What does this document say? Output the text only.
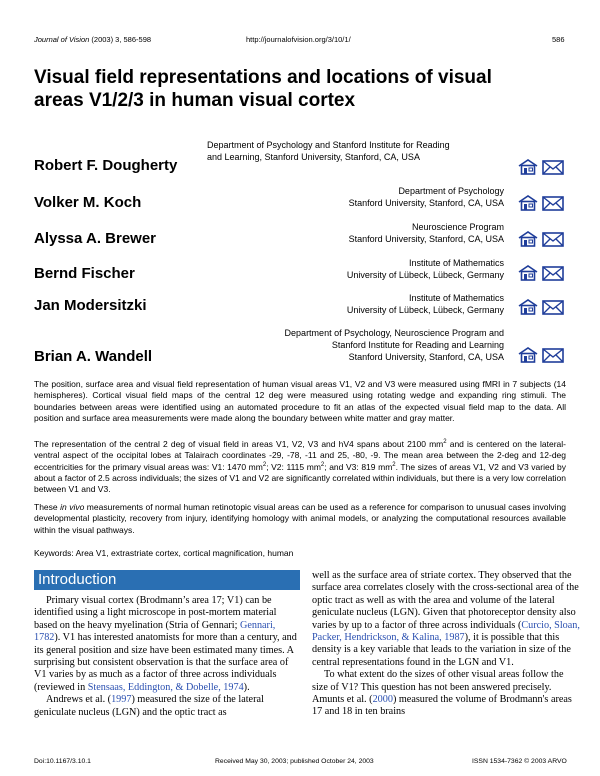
Journal of Vision (2003) 3, 586-598	http://journalofvision.org/3/10/1/	586
Visual field representations and locations of visual areas V1/2/3 in human visual cortex
Department of Psychology and Stanford Institute for Reading
and Learning, Stanford University, Stanford, CA, USA
Robert F. Dougherty
Department of Psychology
Stanford University, Stanford, CA, USA
Volker M. Koch
Neuroscience Program
Stanford University, Stanford, CA, USA
Alyssa A. Brewer
Institute of Mathematics
University of Lübeck, Lübeck, Germany
Bernd Fischer
Institute of Mathematics
University of Lübeck, Lübeck, Germany
Jan Modersitzki
Department of Psychology, Neuroscience Program and
Stanford Institute for Reading and Learning
Stanford University, Stanford, CA, USA
Brian A. Wandell
The position, surface area and visual field representation of human visual areas V1, V2 and V3 were measured using fMRI in 7 subjects (14 hemispheres). Cortical visual field maps of the central 12 deg were measured using rotating wedge and expanding ring stimuli. The boundaries between areas were identified using an automated procedure to fit an atlas of the expected visual field map to the data. All position and surface area measurements were made along the boundary between white matter and gray matter.
The representation of the central 2 deg of visual field in areas V1, V2, V3 and hV4 spans about 2100 $mm^2$ and is centered on the lateral-ventral aspect of the occipital lobes at Talairach coordinates -29, -78, -11 and 25, -80, -9. The mean area between the 2-deg and 12-deg eccentricities for the primary visual areas was: V1: 1470 $mm^2$; V2: 1115 $mm^2$; and V3: 819 $mm^2$. The sizes of areas V1, V2 and V3 varied by about a factor of 2.5 across individuals; the sizes of V1 and V2 are significantly correlated within individuals, but there is a very low correlation between V1 and V3.
These in vivo measurements of normal human retinotopic visual areas can be used as a reference for comparison to unusual cases involving developmental plasticity, recovery from injury, identifying homology with animal models, or analyzing the computational resources available within the visual pathways.
Keywords: Area V1, extrastriate cortex, cortical magnification, human
Introduction

Primary visual cortex (Brodmann’s area 17; V1) can be identified using a light microscope in post-mortem material based on the heavy myelination (Stria of Gennari; Gennari, 1782). V1 has interested anatomists for more than a century, and its general position and size have been estimated many times. A surprising but consistent observation is that the surface area of V1 varies by as much as a factor of three across individuals (reviewed in Stensaas, Eddington, & Dobelle, 1974).

Andrews et al. (1997) measured the size of the lateral geniculate nucleus (LGN) and the optic tract as

well as the surface area of striate cortex. They observed that the surface area correlates closely with the cross-sectional area of the optic tract as well as with the area and volume of the lateral geniculate nucleus (LGN). Given that photoreceptor density also varies by up to a factor of three across individuals (Curcio, Sloan, Packer, Hendrickson, & Kalina, 1987), it is possible that this density is a key variable that leads to the variation in size of the central representations found in the LGN and V1.

To what extent do the sizes of other visual areas follow the size of V1? This question has not been answered precisely. Amunts et al. (2000) measured the volume of Brodmann's areas 17 and 18 in ten brains

Doi:10.1167/3.10.1	Received May 30, 2003; published October 24, 2003	ISSN 1534-7362 © 2003 ARVO
